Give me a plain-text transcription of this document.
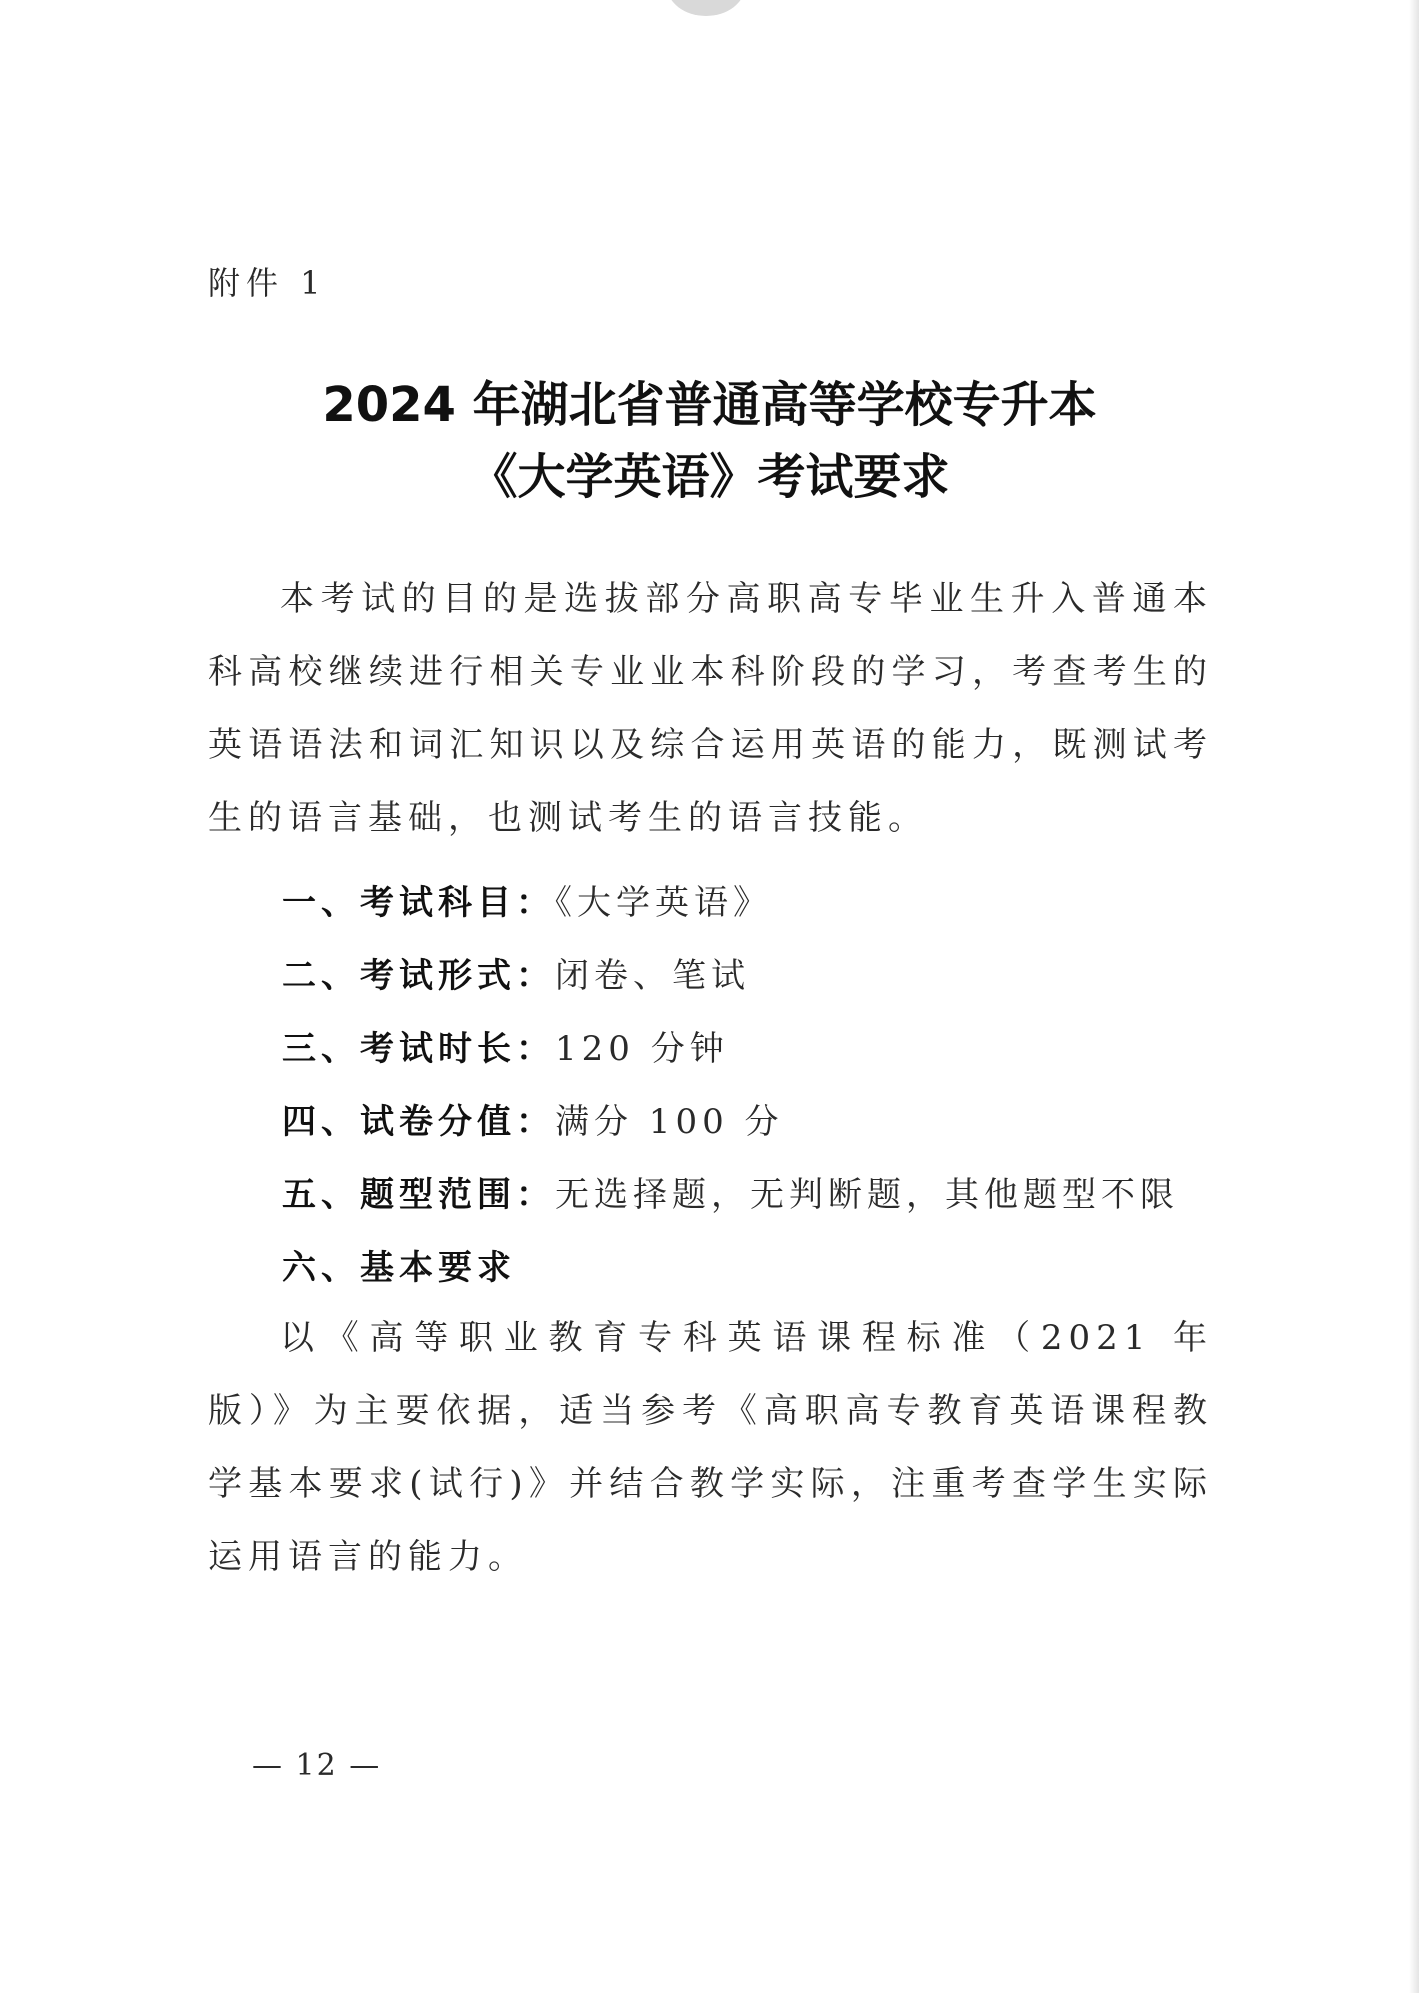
附件 1
2024 年湖北省普通高等学校专升本
《大学英语》考试要求

本考试的目的是选拔部分高职高专毕业生升入普通本科高校继续进行相关专业业本科阶段的学习，考查考生的英语语法和词汇知识以及综合运用英语的能力，既测试考生的语言基础，也测试考生的语言技能。

一、考试科目：《大学英语》
二、考试形式：闭卷、笔试
三、考试时长：120 分钟
四、试卷分值：满分 100 分
五、题型范围：无选择题，无判断题，其他题型不限
六、基本要求

以《高等职业教育专科英语课程标准（2021 年版）》为主要依据，适当参考《高职高专教育英语课程教学基本要求(试行)》并结合教学实际，注重考查学生实际运用语言的能力。

— 12 —
